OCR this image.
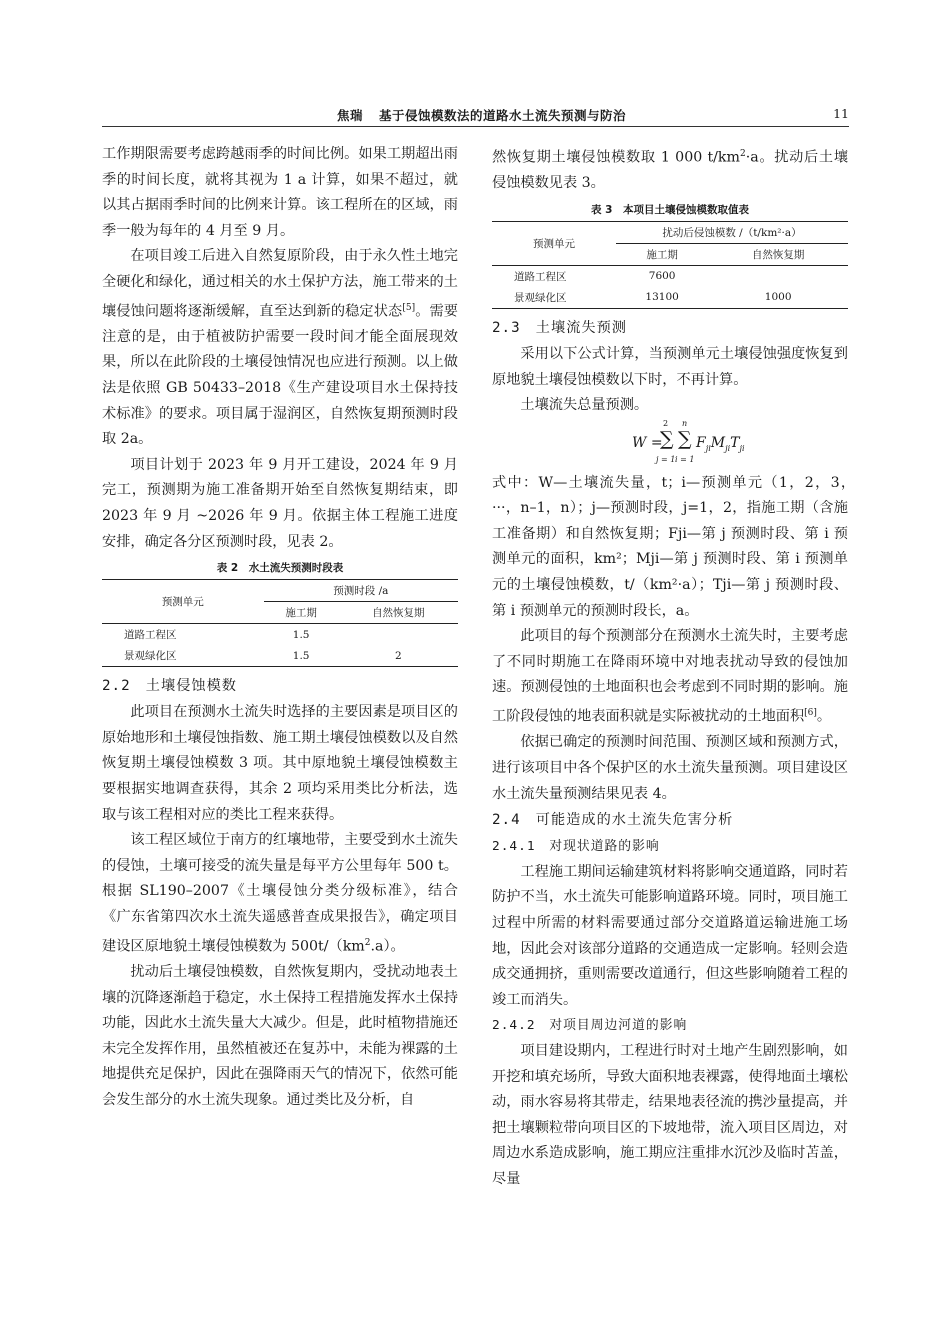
焦瑞 基于侵蚀模数法的道路水土流失预测与防治	11

工作期限需要考虑跨越雨季的时间比例。如果工期超出雨季的时间长度，就将其视为 1 a 计算，如果不超过，就以其占据雨季时间的比例来计算。该工程所在的区域，雨季一般为每年的 4 月至 9 月。

在项目竣工后进入自然复原阶段，由于永久性土地完全硬化和绿化，通过相关的水土保护方法，施工带来的土壤侵蚀问题将逐渐缓解，直至达到新的稳定状态[5]。需要注意的是，由于植被防护需要一段时间才能全面展现效果，所以在此阶段的土壤侵蚀情况也应进行预测。以上做法是依照 GB 50433–2018《生产建设项目水土保持技术标准》的要求。项目属于湿润区，自然恢复期预测时段取 2a。

项目计划于 2023 年 9 月开工建设，2024 年 9 月完工，预测期为施工准备期开始至自然恢复期结束，即 2023 年 9 月 ~2026 年 9 月。依据主体工程施工进度安排，确定各分区预测时段，见表 2。

表 2　水土流失预测时段表
预测单元	预测时段 /a	
	施工期	自然恢复期
道路工程区	1.5	
景观绿化区	1.5	2
2.2　土壤侵蚀模数

此项目在预测水土流失时选择的主要因素是项目区的原始地形和土壤侵蚀指数、施工期土壤侵蚀模数以及自然恢复期土壤侵蚀模数 3 项。其中原地貌土壤侵蚀模数主要根据实地调查获得，其余 2 项均采用类比分析法，选取与该工程相对应的类比工程来获得。

该工程区域位于南方的红壤地带，主要受到水土流失的侵蚀，土壤可接受的流失量是每平方公里每年 500 t。根据 SL190–2007《土壤侵蚀分类分级标准》，结合《广东省第四次水土流失遥感普查成果报告》，确定项目建设区原地貌土壤侵蚀模数为 $500t/(km^2.a)$。

扰动后土壤侵蚀模数，自然恢复期内，受扰动地表土壤的沉降逐渐趋于稳定，水土保持工程措施发挥水土保持功能，因此水土流失量大大减少。但是，此时植物措施还未完全发挥作用，虽然植被还在复苏中，未能为裸露的土地提供充足保护，因此在强降雨天气的情况下，依然可能会发生部分的水土流失现象。通过类比及分析，自

然恢复期土壤侵蚀模数取 1 000 $t/km^2\cdot a$。扰动后土壤侵蚀模数见表 3。

表 3　本项目土壤侵蚀模数取值表
预测单元	扰动后侵蚀模数 /（t/km²·a）	
	施工期	自然恢复期
道路工程区	7600	
景观绿化区	13100	1000
2.3　土壤流失预测

采用以下公式计算，当预测单元土壤侵蚀强度恢复到原地貌土壤侵蚀模数以下时，不再计算。

土壤流失总量预测。

W =
2
∑
j = 1
n
∑
i = 1
$F_{ji}M_{ji}T_{ji}$

式中：W—土壤流失量，t；i—预测单元（1，2，3，···，n–1，n）；j—预测时段，j=1，2，指施工期（含施工准备期）和自然恢复期；Fji—第 j 预测时段、第 i 预测单元的面积，km²；Mji—第 j 预测时段、第 i 预测单元的土壤侵蚀模数，t/（km²·a）；Tji—第 j 预测时段、第 i 预测单元的预测时段长，a。

此项目的每个预测部分在预测水土流失时，主要考虑了不同时期施工在降雨环境中对地表扰动导致的侵蚀加速。预测侵蚀的土地面积也会考虑到不同时期的影响。施工阶段侵蚀的地表面积就是实际被扰动的土地面积[6]。

依据已确定的预测时间范围、预测区域和预测方式，进行该项目中各个保护区的水土流失量预测。项目建设区水土流失量预测结果见表 4。

2.4　可能造成的水土流失危害分析
2.4.1　对现状道路的影响

工程施工期间运输建筑材料将影响交通道路，同时若防护不当，水土流失可能影响道路环境。同时，项目施工过程中所需的材料需要通过部分交道路道运输进施工场地，因此会对该部分道路的交通造成一定影响。轻则会造成交通拥挤，重则需要改道通行，但这些影响随着工程的竣工而消失。

2.4.2　对项目周边河道的影响

项目建设期内，工程进行时对土地产生剧烈影响，如开挖和填充场所，导致大面积地表裸露，使得地面土壤松动，雨水容易将其带走，结果地表径流的携沙量提高，并把土壤颗粒带向项目区的下坡地带，流入项目区周边，对周边水系造成影响，施工期应注重排水沉沙及临时苫盖，尽量
